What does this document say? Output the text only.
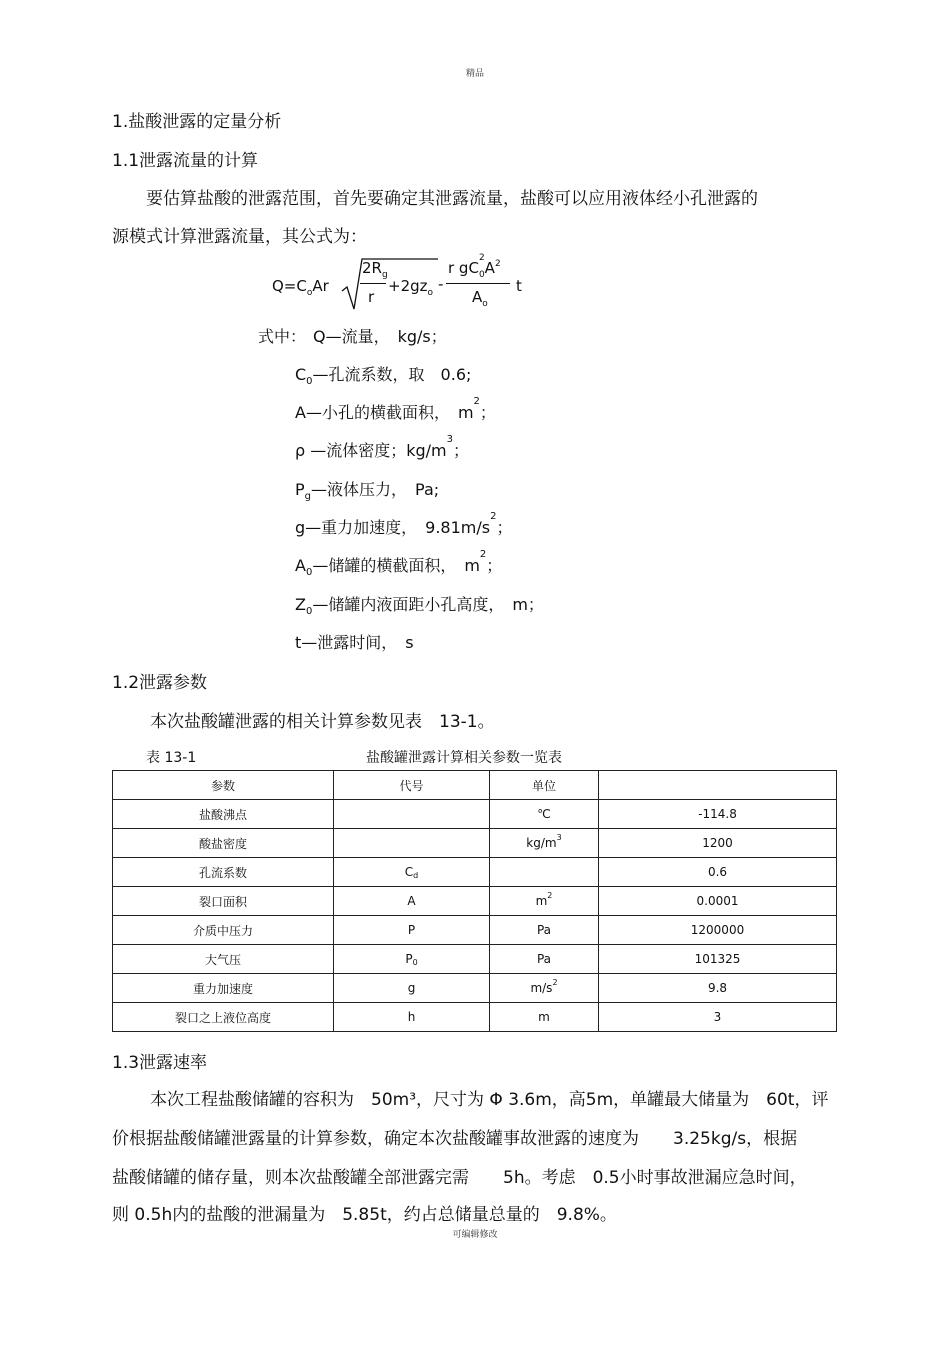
精品
1.盐酸泄露的定量分析
1.1泄露流量的计算
要估算盐酸的泄露范围，首先要确定其泄露流量，盐酸可以应用液体经小孔泄露的
源模式计算泄露流量，其公式为：
$Q=C_oAr$
$2R_g$
r
$+2gz_o$ -
r gC
2
$_0A^2$
$A_o$
t
式中： Q—流量，　kg/s；
$C_0—$孔流系数，取　0.6;
A—小孔的横截面积，　$m^2$；
ρ —流体密度；$kg/m^3$；
$P_g—$液体压力，　Pa;
g—重力加速度，　$9.81m/s^2$；
$A_0—$储罐的横截面积，　$m^2$；
$Z_0—$储罐内液面距小孔高度，　m；
t—泄露时间，　s
1.2泄露参数
本次盐酸罐泄露的相关计算参数见表　13-1。
表 13-1	盐酸罐泄露计算相关参数一览表
参数	代号	单位	
盐酸沸点		℃	-114.8
酸盐密度		$kg/m^3$	1200
孔流系数	$C_d$		0.6
裂口面积	A	$m^2$	0.0001
介质中压力	P	Pa	1200000
大气压	$P_0$	Pa	101325
重力加速度	g	$m/s^2$	9.8
裂口之上液位高度	h	m	3
1.3泄露速率
本次工程盐酸储罐的容积为　50m³，尺寸为 Φ 3.6m，高5m，单罐最大储量为　60t，评
价根据盐酸储罐泄露量的计算参数，确定本次盐酸罐事故泄露的速度为　　3.25kg/s，根据
盐酸储罐的储存量，则本次盐酸罐全部泄露完需　　5h。考虑　0.5小时事故泄漏应急时间，
则 0.5h内的盐酸的泄漏量为　5.85t，约占总储量总量的　9.8%。
可编辑修改
